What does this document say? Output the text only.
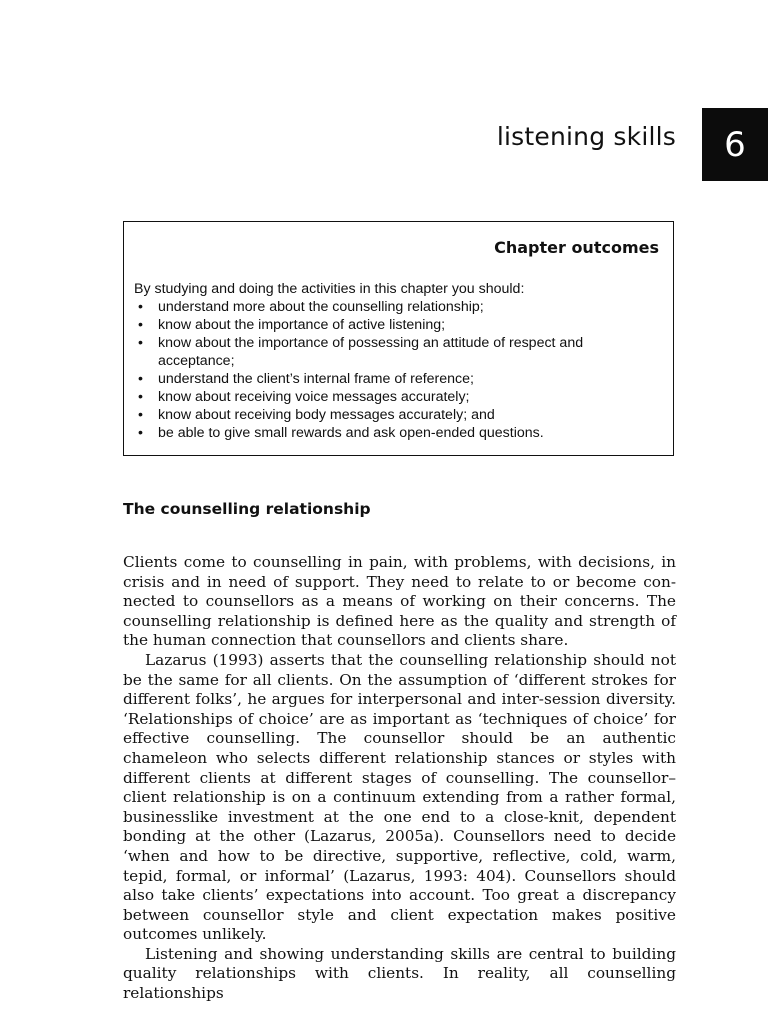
listening skills	6
Chapter outcomes

By studying and doing the activities in this chapter you should:

• understand more about the counselling relationship;
• know about the importance of active listening;
• know about the importance of possessing an attitude of respect and acceptance;
• understand the client’s internal frame of reference;
• know about receiving voice messages accurately;
• know about receiving body messages accurately; and
• be able to give small rewards and ask open-ended questions.
The counselling relationship

Clients come to counselling in pain, with problems, with decisions, in crisis and in need of support. They need to relate to or become connected to counsellors as a means of working on their concerns. The counselling relationship is defined here as the quality and strength of the human connection that counsellors and clients share.

Lazarus (1993) asserts that the counselling relationship should not be the same for all clients. On the assumption of ‘different strokes for different folks’, he argues for interpersonal and inter-session diversity. ‘Relationships of choice’ are as important as ‘techniques of choice’ for effective counselling. The counsellor should be an authentic chameleon who selects different relationship stances or styles with different clients at different stages of counselling. The counsellor–client relationship is on a continuum extending from a rather formal, businesslike investment at the one end to a close-knit, dependent bonding at the other (Lazarus, 2005a). Counsellors need to decide ‘when and how to be directive, supportive, reflective, cold, warm, tepid, formal, or informal’ (Lazarus, 1993: 404). Counsellors should also take clients’ expectations into account. Too great a discrepancy between counsellor style and client expectation makes positive outcomes unlikely.

Listening and showing understanding skills are central to building quality relationships with clients. In reality, all counselling relationships
